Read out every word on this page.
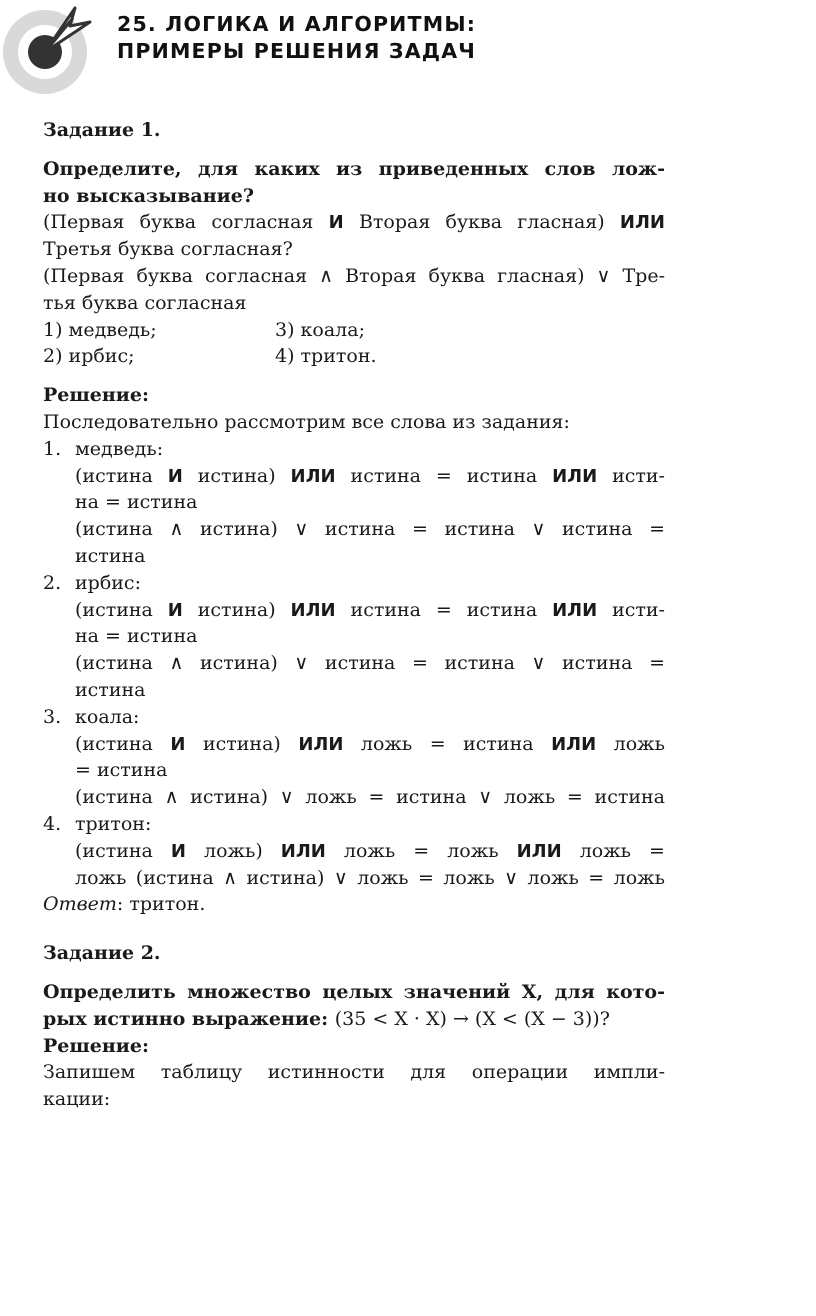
25. ЛОГИКА И АЛГОРИТМЫ:
ПРИМЕРЫ РЕШЕНИЯ ЗАДАЧ
Задание 1.
Определите, для каких из приведенных слов лож-
но высказывание?
(Первая буква согласная И Вторая буква гласная) ИЛИ
Третья буква согласная?
(Первая буква согласная ∧ Вторая буква гласная) ∨ Тре-
тья буква согласная
1) медведь;	3) коала;
2) ирбис;	4) тритон.
Решение:
Последовательно рассмотрим все слова из задания:
1. медведь:
(истина И истина) ИЛИ истина = истина ИЛИ исти-
на = истина
(истина ∧ истина) ∨ истина = истина ∨ истина =
истина
2. ирбис:
(истина И истина) ИЛИ истина = истина ИЛИ исти-
на = истина
(истина ∧ истина) ∨ истина = истина ∨ истина =
истина
3. коала:
(истина И истина) ИЛИ ложь = истина ИЛИ ложь
= истина
(истина ∧ истина) ∨ ложь = истина ∨ ложь = истина
4. тритон:
(истина И ложь) ИЛИ ложь = ложь ИЛИ ложь =
ложь (истина ∧ истина) ∨ ложь = ложь ∨ ложь = ложь
Ответ: тритон.
Задание 2.
Определить множество целых значений X, для кото-
рых истинно выражение: (35 < X · X) → (X < (X − 3))?
Решение:
Запишем таблицу истинности для операции импли-
кации:
